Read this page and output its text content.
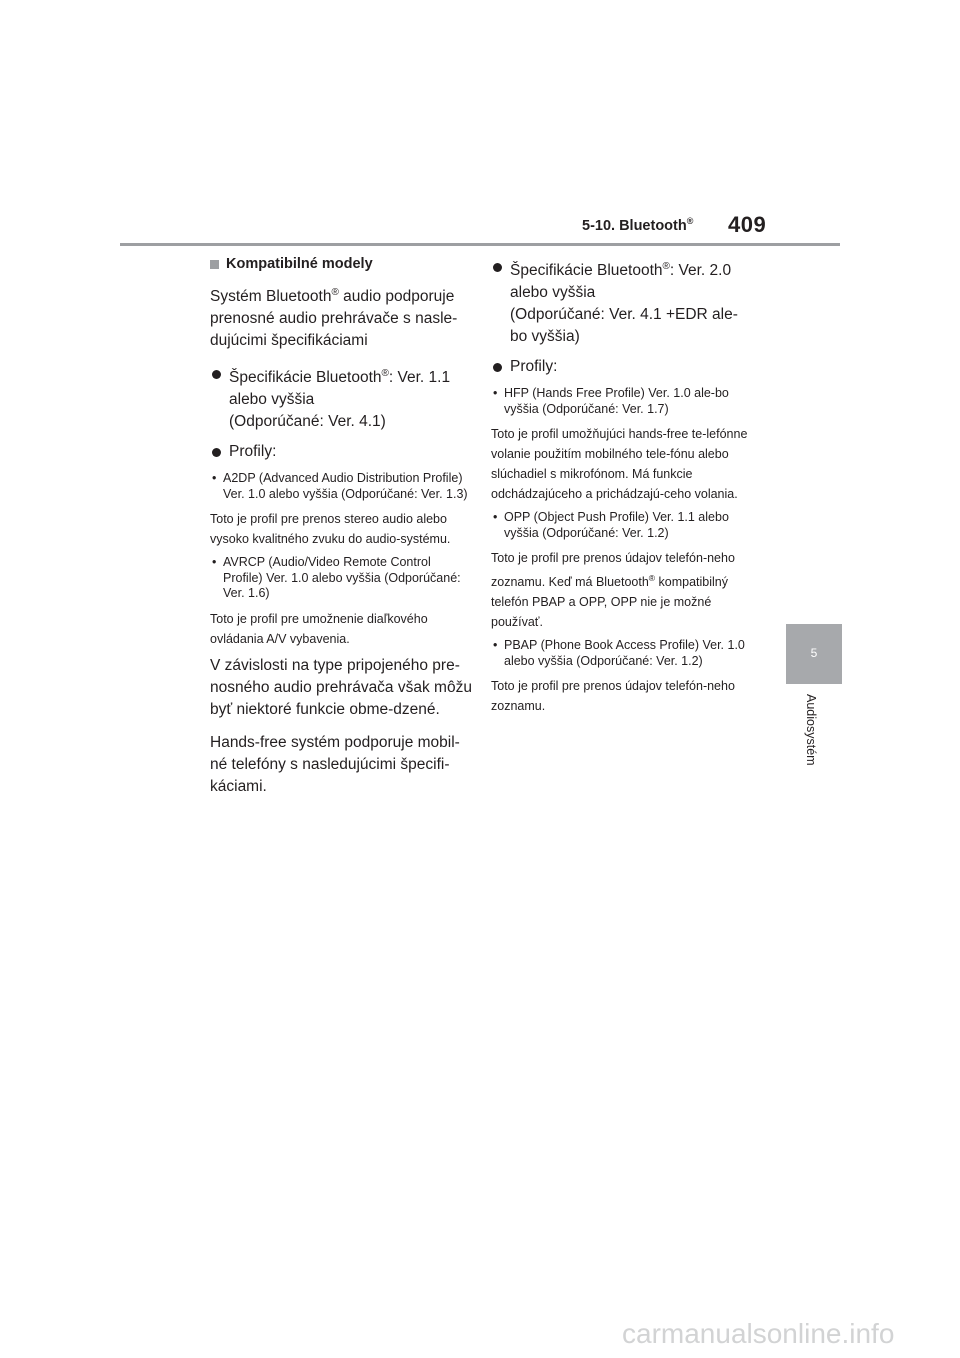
5-10. Bluetooth® 409
5
Audiosystém
Kompatibilné modely

Systém Bluetooth® audio podporuje prenosné audio prehrávače s nasle-dujúcimi špecifikáciami

Špecifikácie Bluetooth®: Ver. 1.1 alebo vyššia
(Odporúčané: Ver. 4.1)
Profily:
• A2DP (Advanced Audio Distribution Profile) Ver. 1.0 alebo vyššia (Odporúčané: Ver. 1.3)

Toto je profil pre prenos stereo audio alebo vysoko kvalitného zvuku do audio-systému.

• AVRCP (Audio/Video Remote Control Profile) Ver. 1.0 alebo vyššia (Odporúčané: Ver. 1.6)

Toto je profil pre umožnenie diaľkového ovládania A/V vybavenia.

V závislosti na type pripojeného pre-nosného audio prehrávača však môžu byť niektoré funkcie obme-dzené.

Hands-free systém podporuje mobil-né telefóny s nasledujúcimi špecifi-káciami.

Špecifikácie Bluetooth®: Ver. 2.0 alebo vyššia
(Odporúčané: Ver. 4.1 +EDR ale-bo vyššia)
Profily:
• HFP (Hands Free Profile) Ver. 1.0 ale-bo vyššia (Odporúčané: Ver. 1.7)

Toto je profil umožňujúci hands-free te-lefónne volanie použitím mobilného tele-fónu alebo slúchadiel s mikrofónom. Má funkcie odchádzajúceho a prichádzajú-ceho volania.

• OPP (Object Push Profile) Ver. 1.1 alebo vyššia (Odporúčané: Ver. 1.2)

Toto je profil pre prenos údajov telefón-neho zoznamu. Keď má Bluetooth® kompatibilný telefón PBAP a OPP, OPP nie je možné používať.

• PBAP (Phone Book Access Profile) Ver. 1.0 alebo vyššia (Odporúčané: Ver. 1.2)

Toto je profil pre prenos údajov telefón-neho zoznamu.

carmanualsonline.info
